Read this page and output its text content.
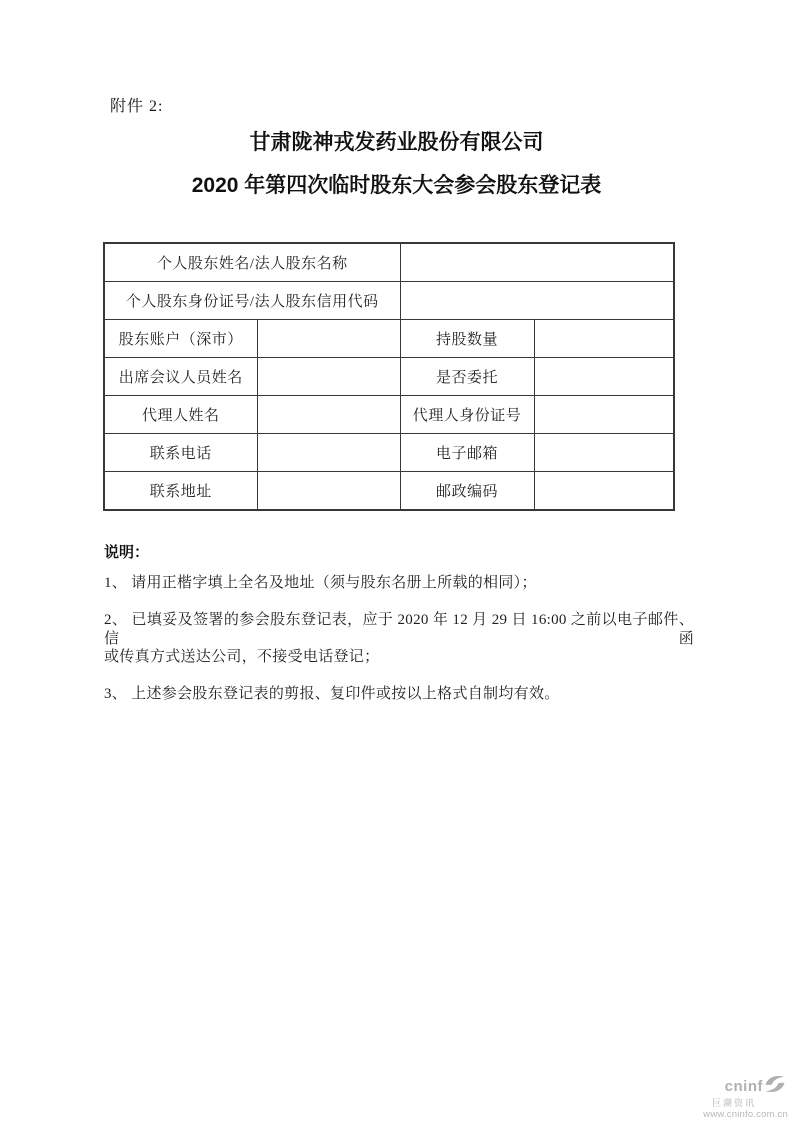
附件 2:
甘肃陇神戎发药业股份有限公司
2020 年第四次临时股东大会参会股东登记表
个人股东姓名/法人股东名称			
个人股东身份证号/法人股东信用代码			
股东账户（深市）		持股数量	
出席会议人员姓名		是否委托	
代理人姓名		代理人身份证号	
联系电话		电子邮箱	
联系地址		邮政编码	
说明：
1、 请用正楷字填上全名及地址（须与股东名册上所载的相同）；
2、 已填妥及签署的参会股东登记表，应于 2020 年 12 月 29 日 16:00 之前以电子邮件、信函
或传真方式送达公司，不接受电话登记；
3、 上述参会股东登记表的剪报、复印件或按以上格式自制均有效。
cninf
巨潮资讯
www.cninfo.com.cn
